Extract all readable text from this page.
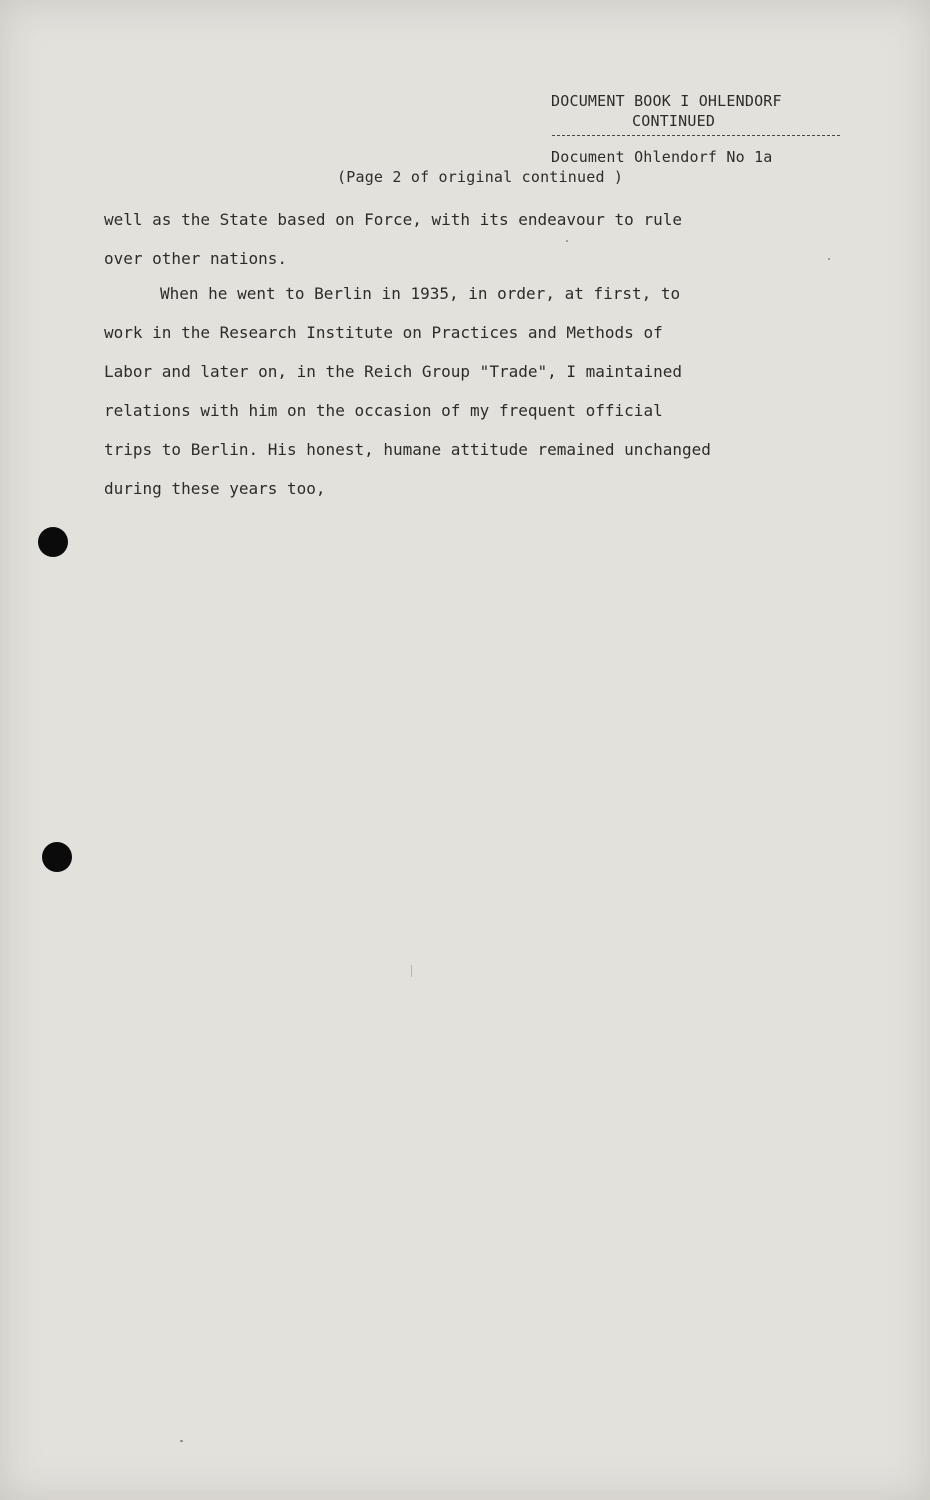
DOCUMENT BOOK I OHLENDORF
CONTINUED
Document Ohlendorf No 1a
(Page 2 of original continued )

well as the State based on Force, with its endeavour to rule
over other nations.

When he went to Berlin in 1935, in order, at first, to
work in the Research Institute on Practices and Methods of
Labor and later on, in the Reich Group "Trade", I maintained
relations with him on the occasion of my frequent official
trips to Berlin. His honest, humane attitude remained unchanged
during these years too,
